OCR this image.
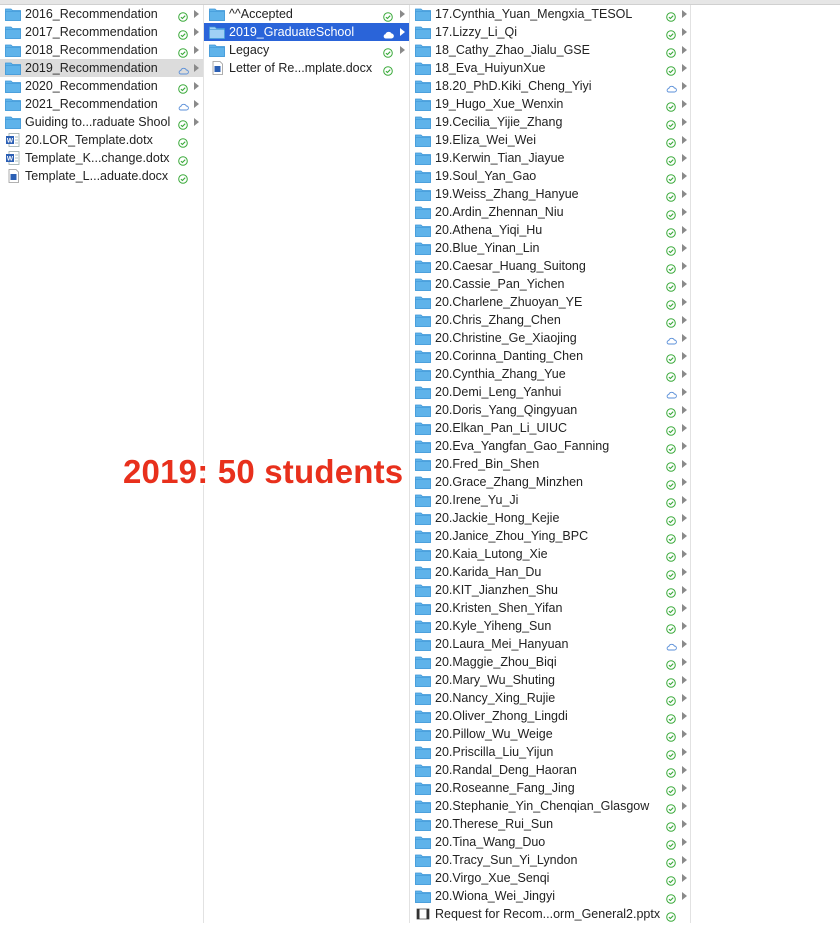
2016_Recommendation
2017_Recommendation
2018_Recommendation
2019_Recommendation
2020_Recommendation
2021_Recommendation
Guiding to...raduate Shool
W 20.LOR_Template.dotx
W Template_K...change.dotx
Template_L...aduate.docx
^^Accepted
2019_GraduateSchool
Legacy
Letter of Re...mplate.docx
17.Cynthia_Yuan_Mengxia_TESOL
17.Lizzy_Li_Qi
18_Cathy_Zhao_Jialu_GSE
18_Eva_HuiyunXue
18.20_PhD.Kiki_Cheng_Yiyi
19_Hugo_Xue_Wenxin
19.Cecilia_Yijie_Zhang
19.Eliza_Wei_Wei
19.Kerwin_Tian_Jiayue
19.Soul_Yan_Gao
19.Weiss_Zhang_Hanyue
20.Ardin_Zhennan_Niu
20.Athena_Yiqi_Hu
20.Blue_Yinan_Lin
20.Caesar_Huang_Suitong
20.Cassie_Pan_Yichen
20.Charlene_Zhuoyan_YE
20.Chris_Zhang_Chen
20.Christine_Ge_Xiaojing
20.Corinna_Danting_Chen
20.Cynthia_Zhang_Yue
20.Demi_Leng_Yanhui
20.Doris_Yang_Qingyuan
20.Elkan_Pan_Li_UIUC
20.Eva_Yangfan_Gao_Fanning
20.Fred_Bin_Shen
20.Grace_Zhang_Minzhen
20.Irene_Yu_Ji
20.Jackie_Hong_Kejie
20.Janice_Zhou_Ying_BPC
20.Kaia_Lutong_Xie
20.Karida_Han_Du
20.KIT_Jianzhen_Shu
20.Kristen_Shen_Yifan
20.Kyle_Yiheng_Sun
20.Laura_Mei_Hanyuan
20.Maggie_Zhou_Biqi
20.Mary_Wu_Shuting
20.Nancy_Xing_Rujie
20.Oliver_Zhong_Lingdi
20.Pillow_Wu_Weige
20.Priscilla_Liu_Yijun
20.Randal_Deng_Haoran
20.Roseanne_Fang_Jing
20.Stephanie_Yin_Chenqian_Glasgow
20.Therese_Rui_Sun
20.Tina_Wang_Duo
20.Tracy_Sun_Yi_Lyndon
20.Virgo_Xue_Senqi
20.Wiona_Wei_Jingyi
Request for Recom...orm_General2.pptx
2019: 50 students
